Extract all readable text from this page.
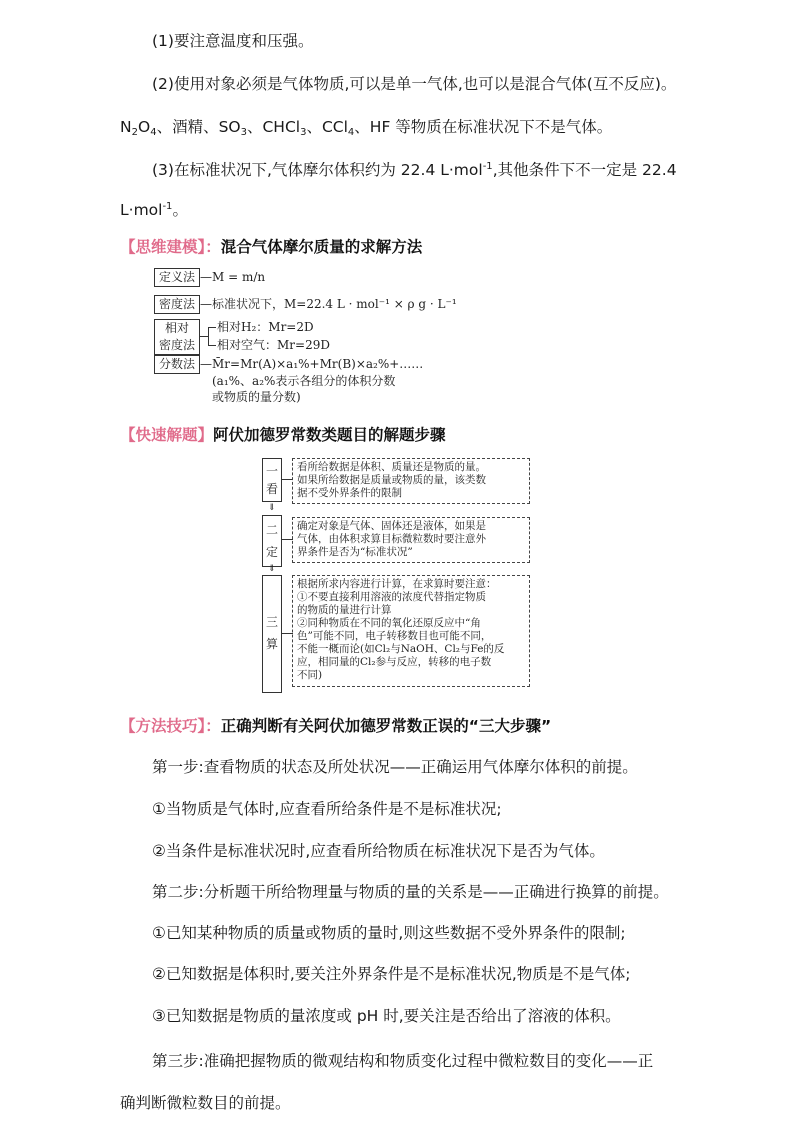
(1)要注意温度和压强。
(2)使用对象必须是气体物质,可以是单一气体,也可以是混合气体(互不反应)。
$N_2O_4$、酒精、$SO_3$、CHCl$_3$、CCl$_4$、HF 等物质在标准状况下不是气体。
(3)在标准状况下,气体摩尔体积约为 22.4 L·mol$^{-1}$,其他条件下不一定是 22.4
L·mol$^{-1}$。
【思维建模】：混合气体摩尔质量的求解方法
定义法 —M = m/n
密度法 —标准状况下，M=22.4 L · mol⁻¹ × ρ g · L⁻¹
相对
密度法
相对H₂：Mr=2D
相对空气：Mr=29D
分数法 —M̄r=Mr(A)×a₁%+Mr(B)×a₂%+……
(a₁%、a₂%表示各组分的体积分数
或物质的量分数)
【快速解题】阿伏加德罗常数类题目的解题步骤
一
看
看所给数据是体积、质量还是物质的量。
如果所给数据是质量或物质的量，该类数
据不受外界条件的限制
⇓
二
定
确定对象是气体、固体还是液体，如果是
气体，由体积求算目标微粒数时要注意外
界条件是否为“标准状况”
⇓
三
算
根据所求内容进行计算，在求算时要注意：
①不要直接利用溶液的浓度代替指定物质
的物质的量进行计算
②同种物质在不同的氧化还原反应中“角
色”可能不同，电子转移数目也可能不同，
不能一概而论(如Cl₂与NaOH、Cl₂与Fe的反
应，相同量的Cl₂参与反应，转移的电子数
不同)
【方法技巧】：正确判断有关阿伏加德罗常数正误的“三大步骤”
第一步:查看物质的状态及所处状况——正确运用气体摩尔体积的前提。
①当物质是气体时,应查看所给条件是不是标准状况;
②当条件是标准状况时,应查看所给物质在标准状况下是否为气体。
第二步:分析题干所给物理量与物质的量的关系是——正确进行换算的前提。
①已知某种物质的质量或物质的量时,则这些数据不受外界条件的限制;
②已知数据是体积时,要关注外界条件是不是标准状况,物质是不是气体;
③已知数据是物质的量浓度或 pH 时,要关注是否给出了溶液的体积。
第三步:准确把握物质的微观结构和物质变化过程中微粒数目的变化——正
确判断微粒数目的前提。
